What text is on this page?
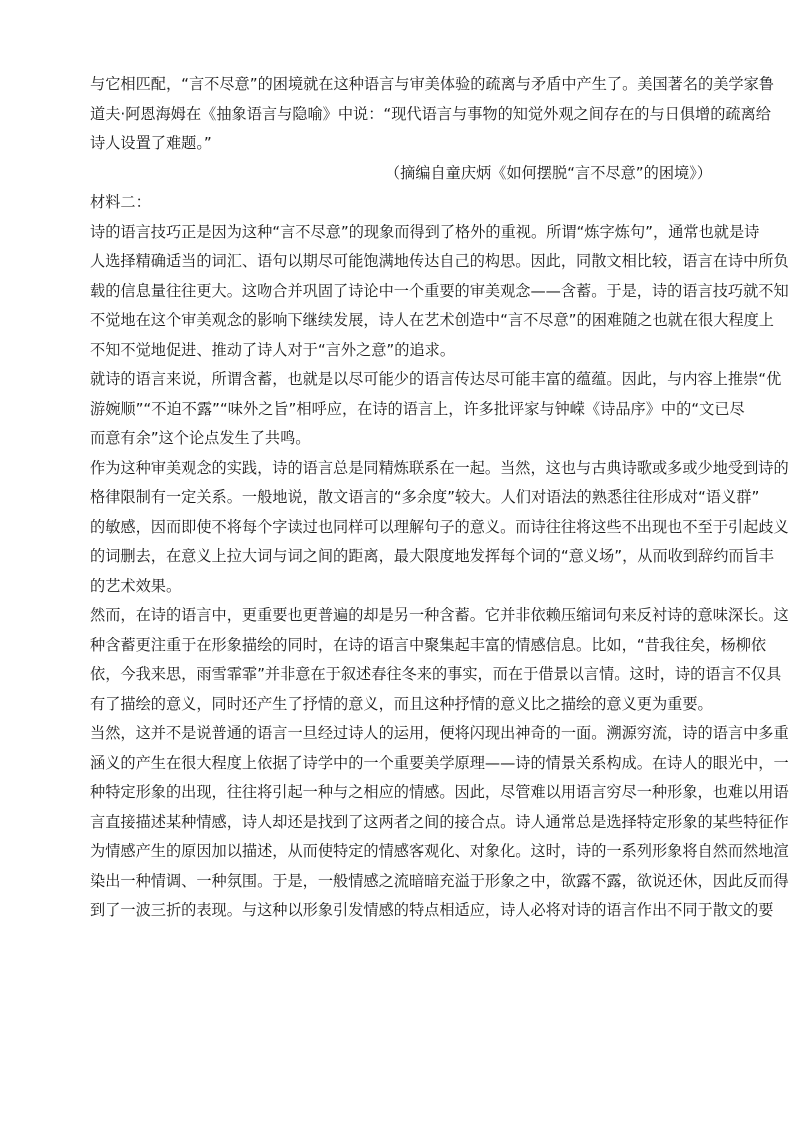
与它相匹配，“言不尽意”的困境就在这种语言与审美体验的疏离与矛盾中产生了。美国著名的美学家鲁
道夫·阿恩海姆在《抽象语言与隐喻》中说：“现代语言与事物的知觉外观之间存在的与日俱增的疏离给
诗人设置了难题。”
（摘编自童庆炳《如何摆脱“言不尽意”的困境》）
材料二：
诗的语言技巧正是因为这种“言不尽意”的现象而得到了格外的重视。所谓“炼字炼句”，通常也就是诗
人选择精确适当的词汇、语句以期尽可能饱满地传达自己的构思。因此，同散文相比较，语言在诗中所负
载的信息量往往更大。这吻合并巩固了诗论中一个重要的审美观念——含蓄。于是，诗的语言技巧就不知
不觉地在这个审美观念的影响下继续发展，诗人在艺术创造中“言不尽意”的困难随之也就在很大程度上
不知不觉地促进、推动了诗人对于“言外之意”的追求。
就诗的语言来说，所谓含蓄，也就是以尽可能少的语言传达尽可能丰富的蕴蕴。因此，与内容上推崇“优
游婉顺”“不迫不露”“味外之旨”相呼应，在诗的语言上，许多批评家与钟嵘《诗品序》中的“文已尽
而意有余”这个论点发生了共鸣。
作为这种审美观念的实践，诗的语言总是同精炼联系在一起。当然，这也与古典诗歌或多或少地受到诗的
格律限制有一定关系。一般地说，散文语言的“多余度”较大。人们对语法的熟悉往往形成对“语义群”
的敏感，因而即使不将每个字读过也同样可以理解句子的意义。而诗往往将这些不出现也不至于引起歧义
的词删去，在意义上拉大词与词之间的距离，最大限度地发挥每个词的“意义场”，从而收到辞约而旨丰
的艺术效果。
然而，在诗的语言中，更重要也更普遍的却是另一种含蓄。它并非依赖压缩词句来反衬诗的意味深长。这
种含蓄更注重于在形象描绘的同时，在诗的语言中聚集起丰富的情感信息。比如，“昔我往矣，杨柳依
依，今我来思，雨雪霏霏”并非意在于叙述春往冬来的事实，而在于借景以言情。这时，诗的语言不仅具
有了描绘的意义，同时还产生了抒情的意义，而且这种抒情的意义比之描绘的意义更为重要。
当然，这并不是说普通的语言一旦经过诗人的运用，便将闪现出神奇的一面。溯源穷流，诗的语言中多重
涵义的产生在很大程度上依据了诗学中的一个重要美学原理——诗的情景关系构成。在诗人的眼光中，一
种特定形象的出现，往往将引起一种与之相应的情感。因此，尽管难以用语言穷尽一种形象，也难以用语
言直接描述某种情感，诗人却还是找到了这两者之间的接合点。诗人通常总是选择特定形象的某些特征作
为情感产生的原因加以描述，从而使特定的情感客观化、对象化。这时，诗的一系列形象将自然而然地渲
染出一种情调、一种氛围。于是，一般情感之流暗暗充溢于形象之中，欲露不露，欲说还休，因此反而得
到了一波三折的表现。与这种以形象引发情感的特点相适应，诗人必将对诗的语言作出不同于散文的要
